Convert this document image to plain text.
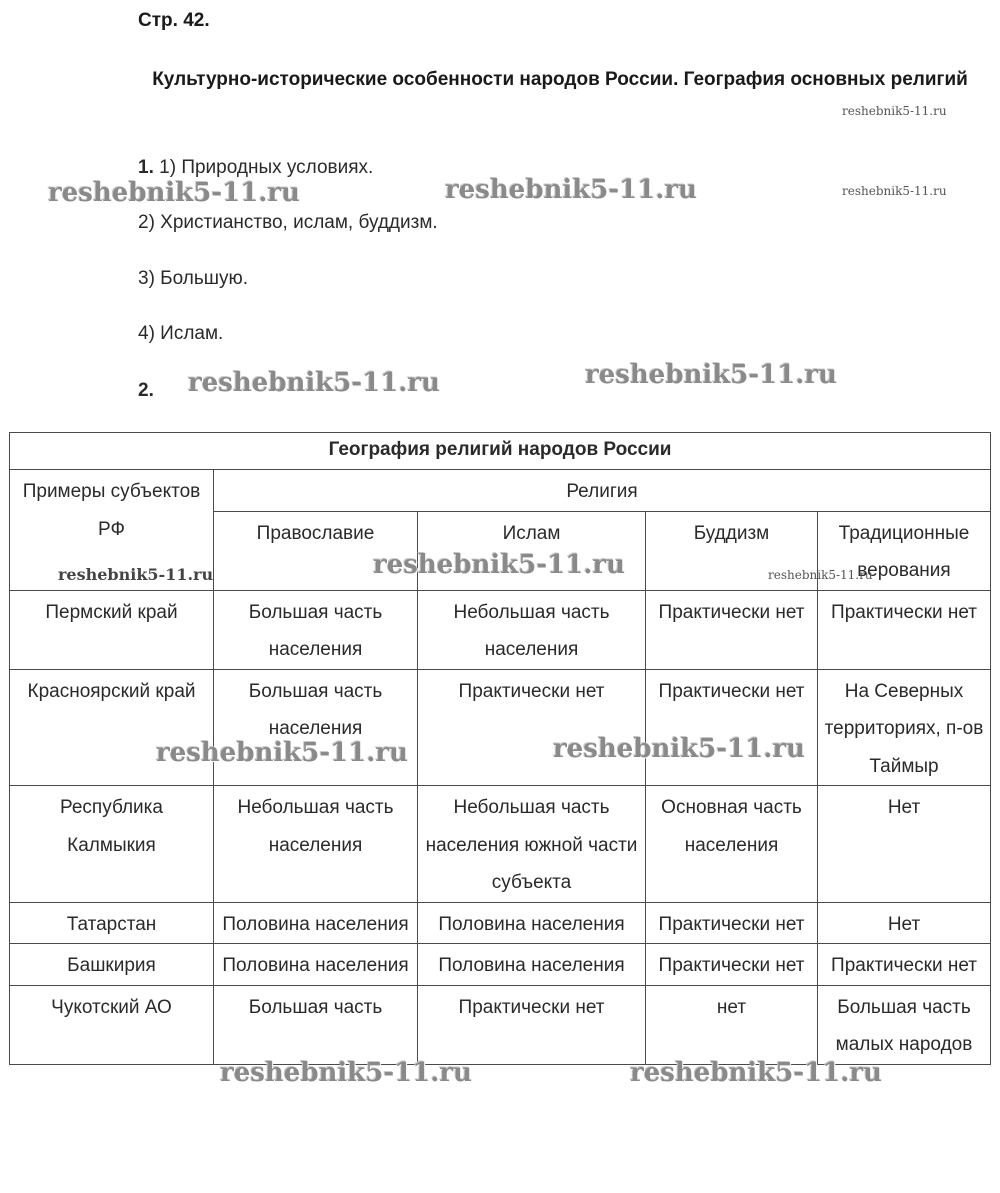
Стр. 42.
Культурно-исторические особенности народов России. География основных религий
1. 1) Природных условиях.
2) Христианство, ислам, буддизм.
3) Большую.
4) Ислам.
2.
География религий народов России				
Примеры субъектов РФ	Религия			
	Православие	Ислам	Буддизм	Традиционные верования
Пермский край	Большая часть населения	Небольшая часть населения	Практически нет	Практически нет
Красноярский край	Большая часть населения	Практически нет	Практически нет	На Северных территориях, п-ов Таймыр
Республика Калмыкия	Небольшая часть населения	Небольшая часть населения южной части субъекта	Основная часть населения	Нет
Татарстан	Половина населения	Половина населения	Практически нет	Нет
Башкирия	Половина населения	Половина населения	Практически нет	Практически нет
Чукотский АО	Большая часть	Практически нет	нет	Большая часть малых народов
reshebnik5-11.ru
reshebnik5-11.ru
reshebnik5-11.ru	reshebnik5-11.ru
reshebnik5-11.ru	reshebnik5-11.ru
reshebnik5-11.ru	reshebnik5-11.ru	reshebnik5-11.ru
reshebnik5-11.ru	reshebnik5-11.ru
reshebnik5-11.ru	reshebnik5-11.ru
